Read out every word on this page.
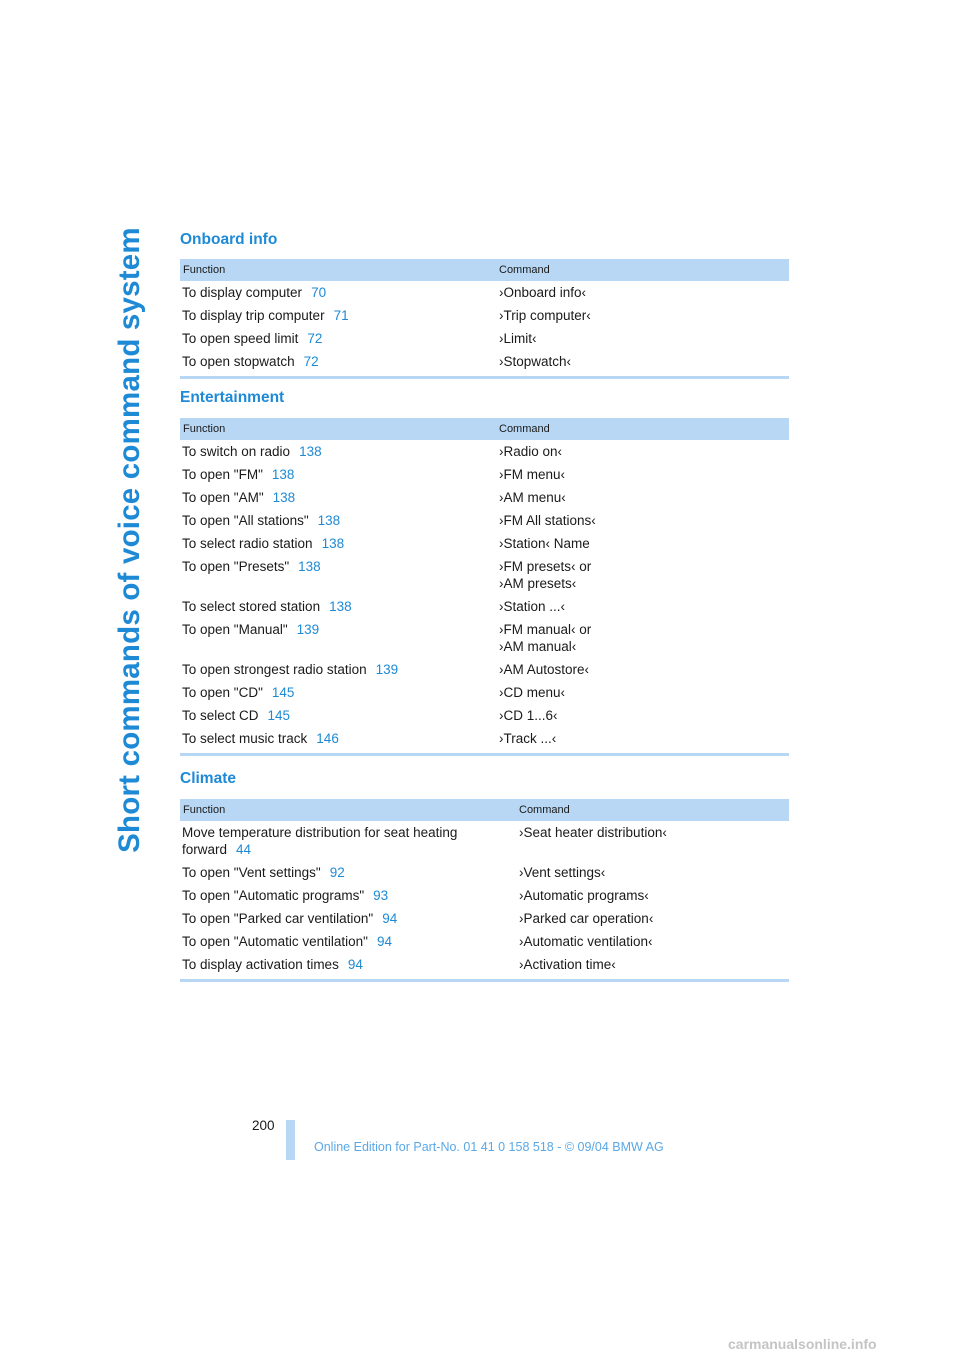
Short commands of voice command system Onboard info
Function	Command
To display computer 70	›Onboard info‹
To display trip computer 71	›Trip computer‹
To open speed limit 72	›Limit‹
To open stopwatch 72	›Stopwatch‹
Entertainment
Function	Command
To switch on radio 138	›Radio on‹
To open "FM" 138	›FM menu‹
To open "AM" 138	›AM menu‹
To open "All stations" 138	›FM All stations‹
To select radio station 138	›Station‹ Name
To open "Presets" 138	›FM presets‹ or
›AM presets‹
To select stored station 138	›Station ...‹
To open "Manual" 139	›FM manual‹ or
›AM manual‹
To open strongest radio station 139	›AM Autostore‹
To open "CD" 145	›CD menu‹
To select CD 145	›CD 1...6‹
To select music track 146	›Track ...‹
Climate
Function	Command
Move temperature distribution for seat heating forward 44	›Seat heater distribution‹
To open "Vent settings" 92	›Vent settings‹
To open "Automatic programs" 93	›Automatic programs‹
To open "Parked car ventilation" 94	›Parked car operation‹
To open "Automatic ventilation" 94	›Automatic ventilation‹
To display activation times 94	›Activation time‹
200
Online Edition for Part-No. 01 41 0 158 518 - © 09/04 BMW AG
carmanualsonline.info
